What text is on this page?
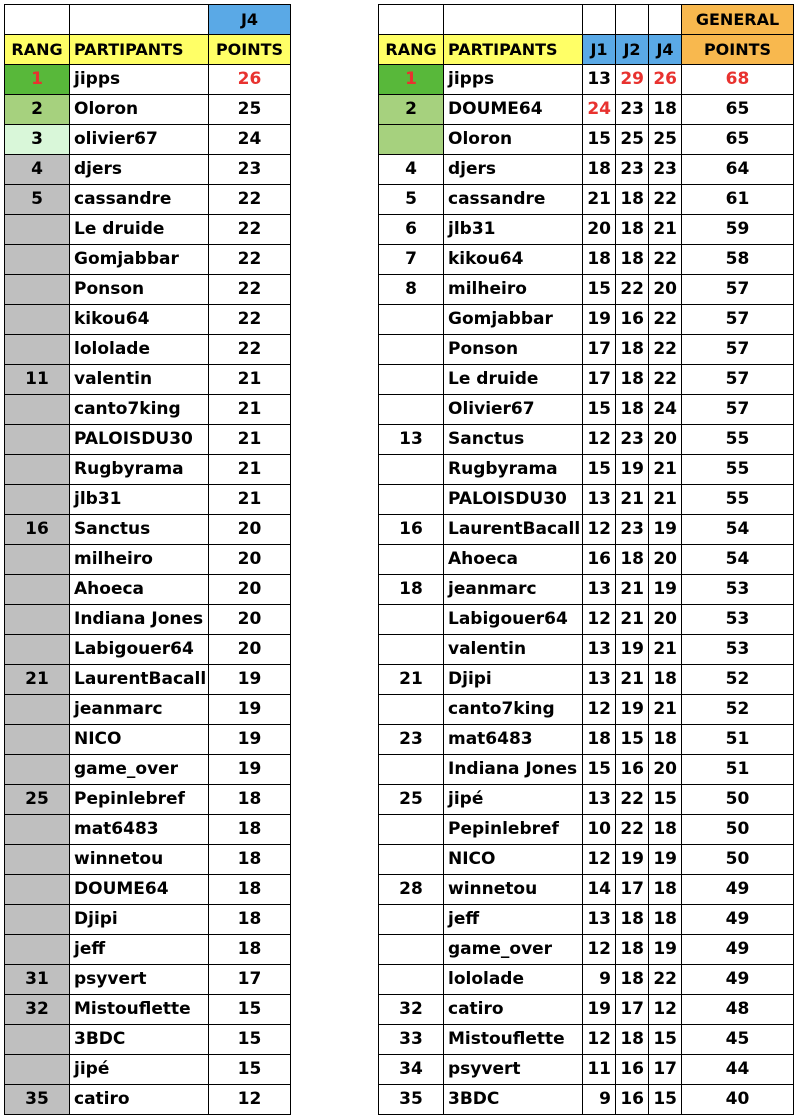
		J4
RANG	PARTIPANTS	POINTS
1	jipps	26
2	Oloron	25
3	olivier67	24
4	djers	23
5	cassandre	22
	Le druide	22
	Gomjabbar	22
	Ponson	22
	kikou64	22
	lololade	22
11	valentin	21
	canto7king	21
	PALOISDU30	21
	Rugbyrama	21
	jlb31	21
16	Sanctus	20
	milheiro	20
	Ahoeca	20
	Indiana Jones	20
	Labigouer64	20
21	LaurentBacall	19
	jeanmarc	19
	NICO	19
	game_over	19
25	Pepinlebref	18
	mat6483	18
	winnetou	18
	DOUME64	18
	Djipi	18
	jeff	18
31	psyvert	17
32	Mistouflette	15
	3BDC	15
	jipé	15
35	catiro	12
					GENERAL
RANG	PARTIPANTS	J1	J2	J4	POINTS
1	jipps	13	29	26	68
2	DOUME64	24	23	18	65
	Oloron	15	25	25	65
4	djers	18	23	23	64
5	cassandre	21	18	22	61
6	jlb31	20	18	21	59
7	kikou64	18	18	22	58
8	milheiro	15	22	20	57
	Gomjabbar	19	16	22	57
	Ponson	17	18	22	57
	Le druide	17	18	22	57
	Olivier67	15	18	24	57
13	Sanctus	12	23	20	55
	Rugbyrama	15	19	21	55
	PALOISDU30	13	21	21	55
16	LaurentBacall	12	23	19	54
	Ahoeca	16	18	20	54
18	jeanmarc	13	21	19	53
	Labigouer64	12	21	20	53
	valentin	13	19	21	53
21	Djipi	13	21	18	52
	canto7king	12	19	21	52
23	mat6483	18	15	18	51
	Indiana Jones	15	16	20	51
25	jipé	13	22	15	50
	Pepinlebref	10	22	18	50
	NICO	12	19	19	50
28	winnetou	14	17	18	49
	jeff	13	18	18	49
	game_over	12	18	19	49
	lololade	9	18	22	49
32	catiro	19	17	12	48
33	Mistouflette	12	18	15	45
34	psyvert	11	16	17	44
35	3BDC	9	16	15	40
